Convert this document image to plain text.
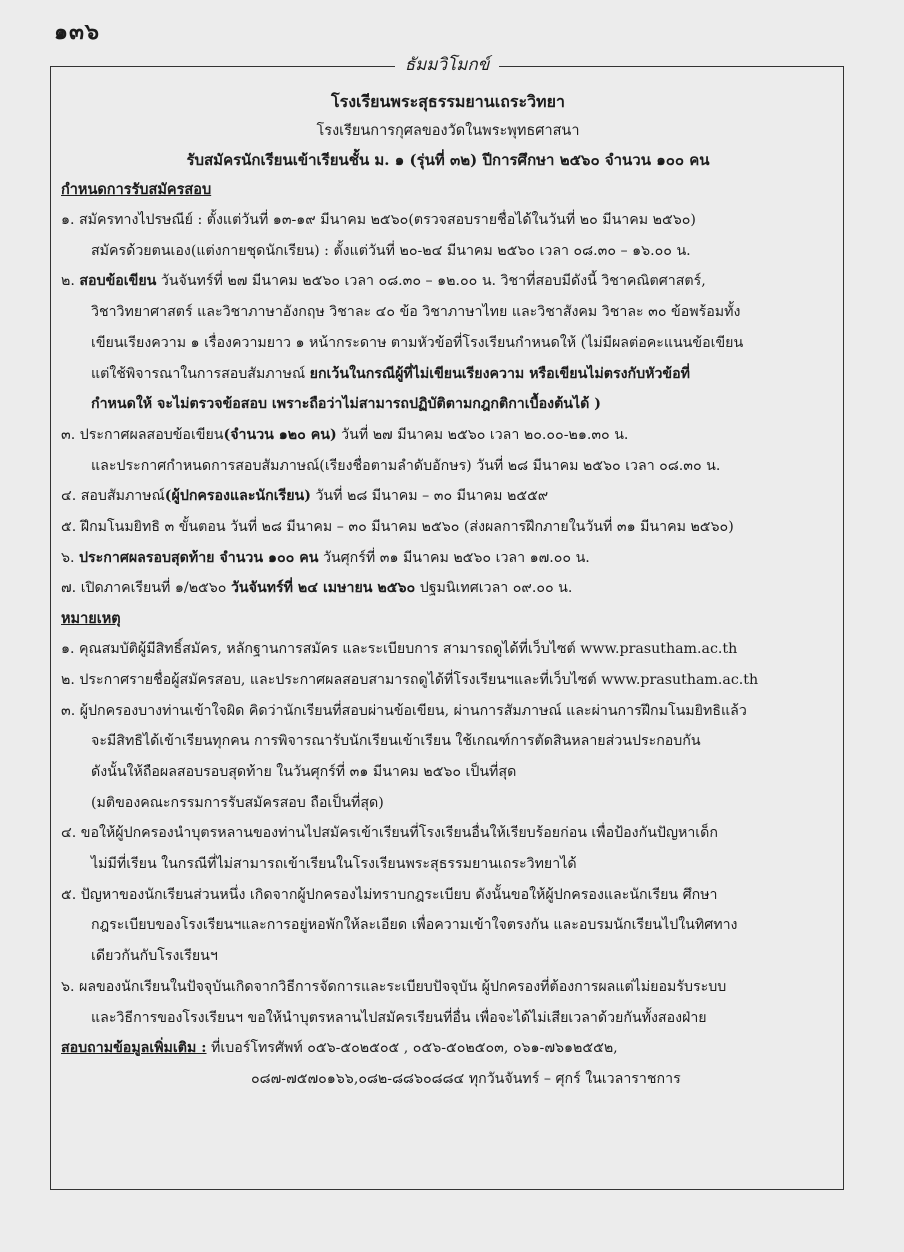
๑๓๖
ธัมมวิโมกข์
โรงเรียนพระสุธรรมยานเถระวิทยา
โรงเรียนการกุศลของวัดในพระพุทธศาสนา
รับสมัครนักเรียนเข้าเรียนชั้น ม. ๑ (รุ่นที่ ๓๒) ปีการศึกษา ๒๕๖๐ จำนวน ๑๐๐ คน
กำหนดการรับสมัครสอบ
๑. สมัครทางไปรษณีย์ : ตั้งแต่วันที่ ๑๓-๑๙ มีนาคม ๒๕๖๐(ตรวจสอบรายชื่อได้ในวันที่ ๒๐ มีนาคม ๒๕๖๐)
สมัครด้วยตนเอง(แต่งกายชุดนักเรียน) : ตั้งแต่วันที่ ๒๐-๒๔ มีนาคม ๒๕๖๐ เวลา ๐๘.๓๐ – ๑๖.๐๐ น.
๒. สอบข้อเขียน วันจันทร์ที่ ๒๗ มีนาคม ๒๕๖๐ เวลา ๐๘.๓๐ – ๑๒.๐๐ น. วิชาที่สอบมีดังนี้ วิชาคณิตศาสตร์,
วิชาวิทยาศาสตร์ และวิชาภาษาอังกฤษ วิชาละ ๔๐ ข้อ วิชาภาษาไทย และวิชาสังคม วิชาละ ๓๐ ข้อพร้อมทั้ง
เขียนเรียงความ ๑ เรื่องความยาว ๑ หน้ากระดาษ ตามหัวข้อที่โรงเรียนกำหนดให้ (ไม่มีผลต่อคะแนนข้อเขียน
แต่ใช้พิจารณาในการสอบสัมภาษณ์ ยกเว้นในกรณีผู้ที่ไม่เขียนเรียงความ หรือเขียนไม่ตรงกับหัวข้อที่
กำหนดให้ จะไม่ตรวจข้อสอบ เพราะถือว่าไม่สามารถปฏิบัติตามกฎกติกาเบื้องต้นได้ )
๓. ประกาศผลสอบข้อเขียน(จำนวน ๑๒๐ คน) วันที่ ๒๗ มีนาคม ๒๕๖๐ เวลา ๒๐.๐๐-๒๑.๓๐ น.
และประกาศกำหนดการสอบสัมภาษณ์(เรียงชื่อตามลำดับอักษร) วันที่ ๒๘ มีนาคม ๒๕๖๐ เวลา ๐๘.๓๐ น.
๔. สอบสัมภาษณ์(ผู้ปกครองและนักเรียน) วันที่ ๒๘ มีนาคม – ๓๐ มีนาคม ๒๕๕๙
๕. ฝึกมโนมยิทธิ ๓ ขั้นตอน วันที่ ๒๘ มีนาคม – ๓๐ มีนาคม ๒๕๖๐ (ส่งผลการฝึกภายในวันที่ ๓๑ มีนาคม ๒๕๖๐)
๖. ประกาศผลรอบสุดท้าย จำนวน ๑๐๐ คน วันศุกร์ที่ ๓๑ มีนาคม ๒๕๖๐ เวลา ๑๗.๐๐ น.
๗. เปิดภาคเรียนที่ ๑/๒๕๖๐ วันจันทร์ที่ ๒๔ เมษายน ๒๕๖๐ ปฐมนิเทศเวลา ๐๙.๐๐ น.
หมายเหตุ
๑. คุณสมบัติผู้มีสิทธิ์สมัคร, หลักฐานการสมัคร และระเบียบการ สามารถดูได้ที่เว็บไซต์ www.prasutham.ac.th
๒. ประกาศรายชื่อผู้สมัครสอบ, และประกาศผลสอบสามารถดูได้ที่โรงเรียนฯและที่เว็บไซต์ www.prasutham.ac.th
๓. ผู้ปกครองบางท่านเข้าใจผิด คิดว่านักเรียนที่สอบผ่านข้อเขียน, ผ่านการสัมภาษณ์ และผ่านการฝึกมโนมยิทธิแล้ว
จะมีสิทธิได้เข้าเรียนทุกคน การพิจารณารับนักเรียนเข้าเรียน ใช้เกณฑ์การตัดสินหลายส่วนประกอบกัน
ดังนั้นให้ถือผลสอบรอบสุดท้าย ในวันศุกร์ที่ ๓๑ มีนาคม ๒๕๖๐ เป็นที่สุด
(มติของคณะกรรมการรับสมัครสอบ ถือเป็นที่สุด)
๔. ขอให้ผู้ปกครองนำบุตรหลานของท่านไปสมัครเข้าเรียนที่โรงเรียนอื่นให้เรียบร้อยก่อน เพื่อป้องกันปัญหาเด็ก
ไม่มีที่เรียน ในกรณีที่ไม่สามารถเข้าเรียนในโรงเรียนพระสุธรรมยานเถระวิทยาได้
๕. ปัญหาของนักเรียนส่วนหนึ่ง เกิดจากผู้ปกครองไม่ทราบกฎระเบียบ ดังนั้นขอให้ผู้ปกครองและนักเรียน ศึกษา
กฎระเบียบของโรงเรียนฯและการอยู่หอพักให้ละเอียด เพื่อความเข้าใจตรงกัน และอบรมนักเรียนไปในทิศทาง
เดียวกันกับโรงเรียนฯ
๖. ผลของนักเรียนในปัจจุบันเกิดจากวิธีการจัดการและระเบียบปัจจุบัน ผู้ปกครองที่ต้องการผลแต่ไม่ยอมรับระบบ
และวิธีการของโรงเรียนฯ ขอให้นำบุตรหลานไปสมัครเรียนที่อื่น เพื่อจะได้ไม่เสียเวลาด้วยกันทั้งสองฝ่าย
สอบถามข้อมูลเพิ่มเติม : ที่เบอร์โทรศัพท์ ๐๕๖-๕๐๒๕๐๕ , ๐๕๖-๕๐๒๕๐๓, ๐๖๑-๗๖๑๒๕๕๒,
๐๘๗-๗๕๗๐๑๖๖,๐๘๒-๘๘๖๐๘๘๔ ทุกวันจันทร์ – ศุกร์ ในเวลาราชการ
